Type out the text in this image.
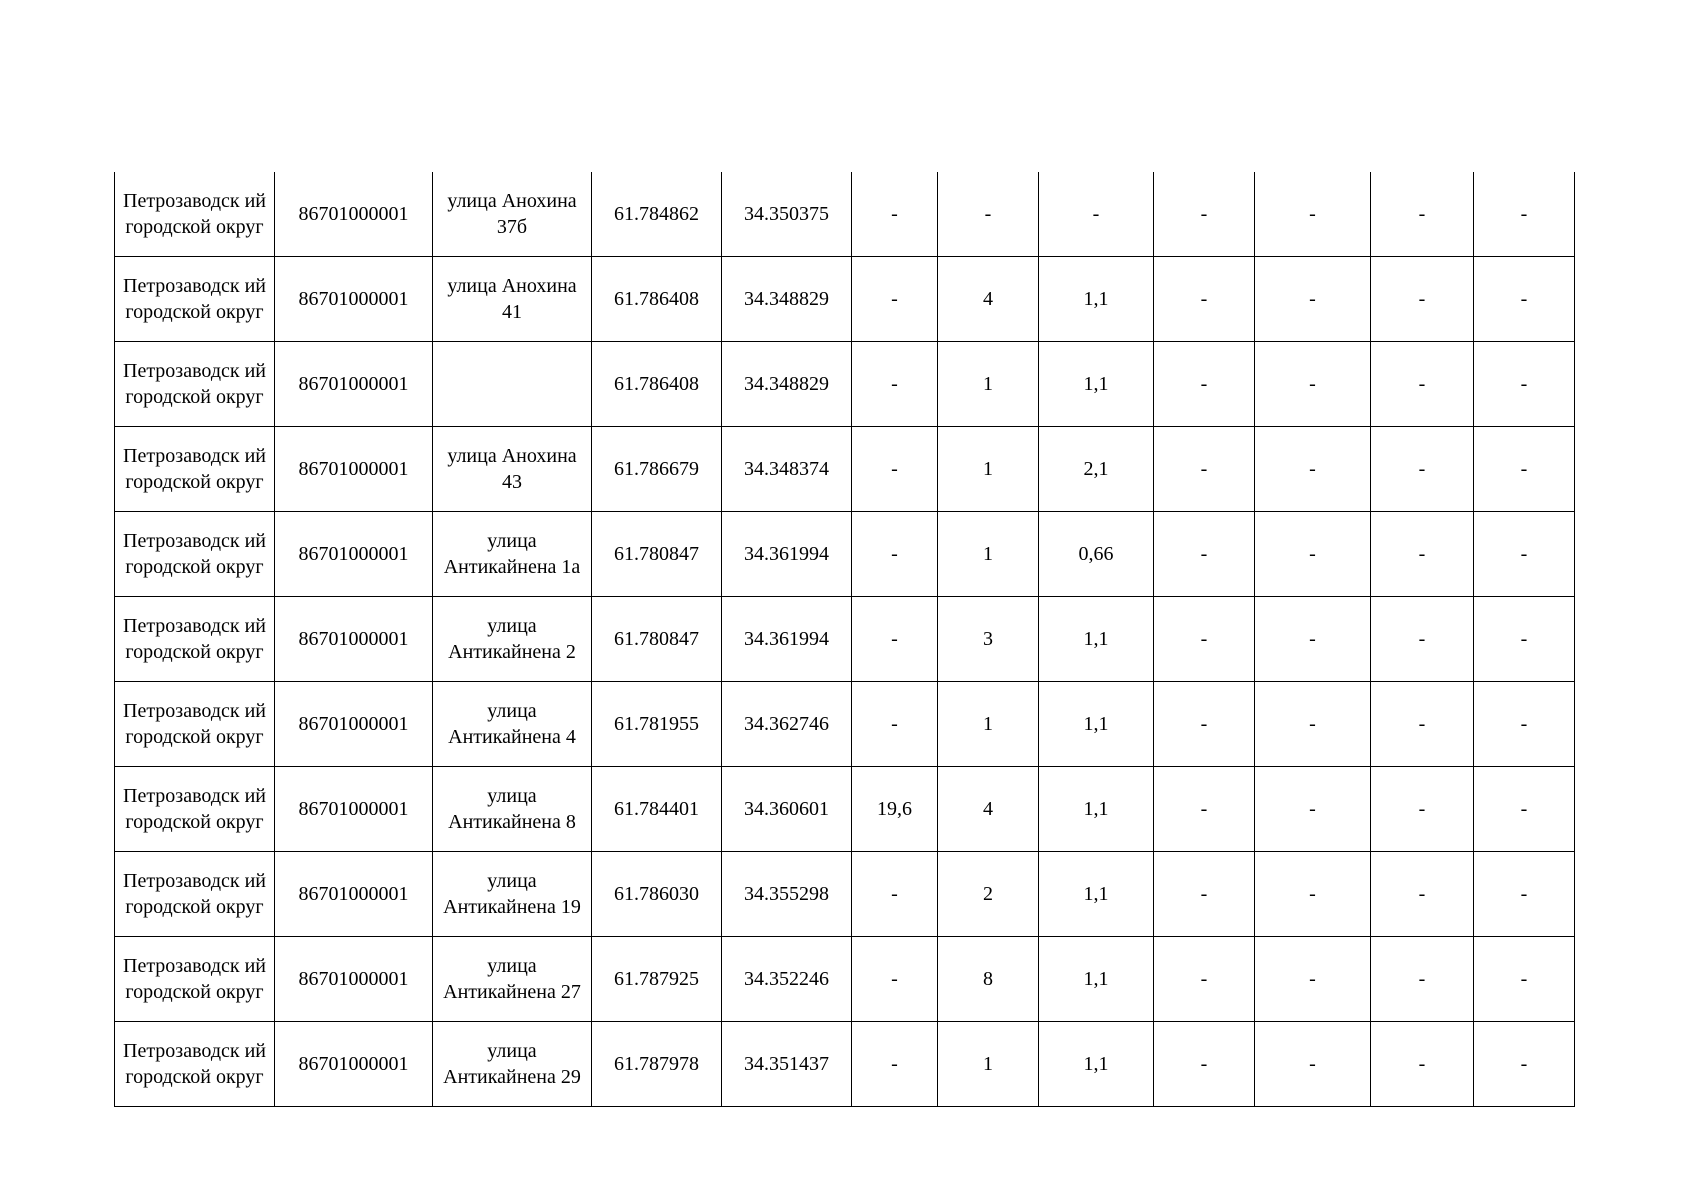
Петрозаводск ий городской округ	86701000001	улица Анохина 37б	61.784862	34.350375	-	-	-	-	-	-	-
Петрозаводск ий городской округ	86701000001	улица Анохина 41	61.786408	34.348829	-	4	1,1	-	-	-	-
Петрозаводск ий городской округ	86701000001		61.786408	34.348829	-	1	1,1	-	-	-	-
Петрозаводск ий городской округ	86701000001	улица Анохина 43	61.786679	34.348374	-	1	2,1	-	-	-	-
Петрозаводск ий городской округ	86701000001	улица Антикайнена 1а	61.780847	34.361994	-	1	0,66	-	-	-	-
Петрозаводск ий городской округ	86701000001	улица Антикайнена 2	61.780847	34.361994	-	3	1,1	-	-	-	-
Петрозаводск ий городской округ	86701000001	улица Антикайнена 4	61.781955	34.362746	-	1	1,1	-	-	-	-
Петрозаводск ий городской округ	86701000001	улица Антикайнена 8	61.784401	34.360601	19,6	4	1,1	-	-	-	-
Петрозаводск ий городской округ	86701000001	улица Антикайнена 19	61.786030	34.355298	-	2	1,1	-	-	-	-
Петрозаводск ий городской округ	86701000001	улица Антикайнена 27	61.787925	34.352246	-	8	1,1	-	-	-	-
Петрозаводск ий городской округ	86701000001	улица Антикайнена 29	61.787978	34.351437	-	1	1,1	-	-	-	-
